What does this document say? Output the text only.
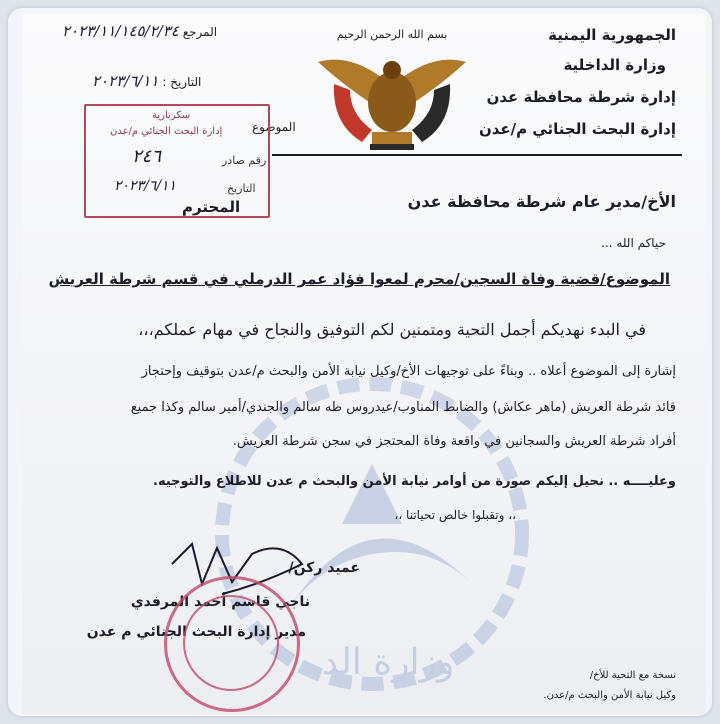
وزارة الد
الجمهورية اليمنية
وزارة الداخلية
إدارة شرطة محافظة عدن
إدارة البحث الجنائي م/عدن
بسم الله الرحمن الرحيم
المرجع ٢٠٢٣/١١/١٤٥/٢/٣٤
التاريخ : ٢٠٢٣/٦/١١
الموضوع
سكرتارية
إدارة البحث الجنائي م/عدن
رقم صادر
٢٤٦
التاريخ
٢٠٢٣/٦/١١
المحترم	الأخ/مدير عام شرطة محافظة عدن
حياكم الله ...
الموضوع/قضية وفاة السجين/محرم لمعوا فؤاد عمر الدرملي في قسم شرطة العريش
في البدء نهديكم أجمل التحية ومتمنين لكم التوفيق والنجاح في مهام عملكم،،،
إشارة إلى الموضوع أعلاه .. وبناءً على توجيهات الأخ/وكيل نيابة الأمن والبحث م/عدن بتوقيف وإحتجاز
قائد شرطة العريش (ماهر عكاش) والضابط المناوب/عيدروس طه سالم والجندي/أمير سالم وكذا جميع
أفراد شرطة العريش والسجانين في واقعة وفاة المحتجز في سجن شرطة العريش.
وعليــــه .. نحيل إليكم صورة من أوامر نيابة الأمن والبحث م عدن للاطلاع والتوجيه.
،، وتقبلوا خالص تحياتنا ،،
عميد ركن/
ناجي قاسم أحمد المرفدي
مدير إدارة البحث الجنائي م عدن
نسخة مع التحية للأخ/
وكيل نيابة الأمن والبحث م/عدن.
